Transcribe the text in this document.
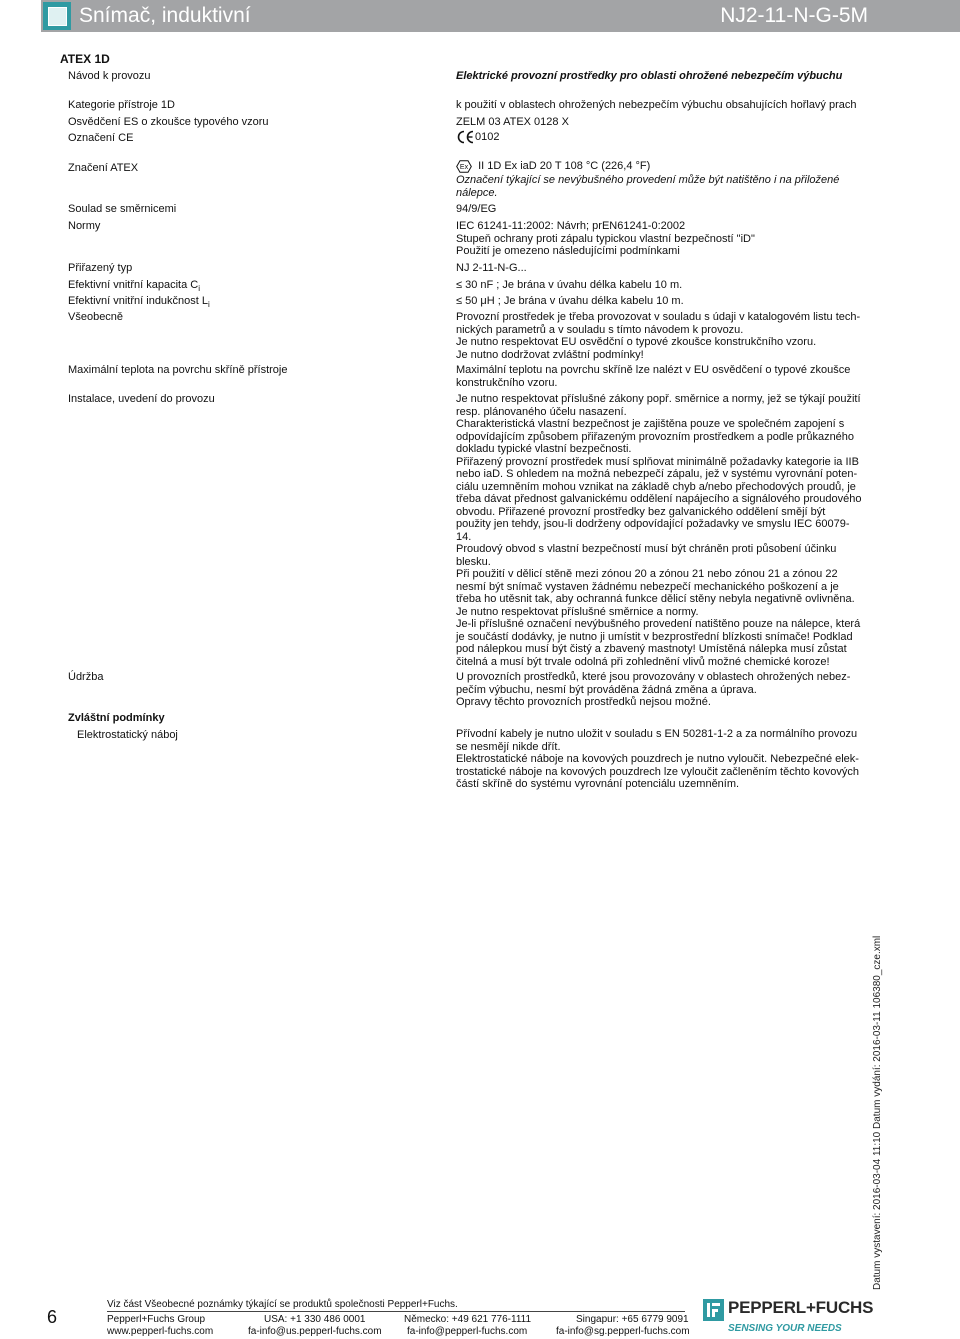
Snímač, induktivní	NJ2-11-N-G-5M
ATEX 1D
Návod k provozu	Elektrické provozní prostředky pro oblasti ohrožené nebezpečím výbuchu
Kategorie přístroje 1D	k použití v oblastech ohrožených nebezpečím výbuchu obsahujících hořlavý prach
Osvědčení ES o zkoušce typového vzoru	ZELM 03 ATEX 0128 X
Označení CE	0102
Značení ATEX	Ex II 1D Ex iaD 20 T 108 °C (226,4 °F)
Označení týkající se nevýbušného provedení může být natištěno i na přiložené
nálepce.
Soulad se směrnicemi	94/9/EG
Normy	IEC 61241-11:2002: Návrh; prEN61241-0:2002
Stupeň ochrany proti zápalu typickou vlastní bezpečností "iD"
Použití je omezeno následujícími podmínkami
Přiřazený typ	NJ 2-11-N-G...
Efektivní vnitřní kapacita $C_i$	≤ 30 nF ; Je brána v úvahu délka kabelu 10 m.
Efektivní vnitřní indukčnost $L_i$	≤ 50 μH ; Je brána v úvahu délka kabelu 10 m.
Všeobecně	Provozní prostředek je třeba provozovat v souladu s údaji v katalogovém listu tech-
nických parametrů a v souladu s tímto návodem k provozu.
Je nutno respektovat EU osvědční o typové zkoušce konstrukčního vzoru.
Je nutno dodržovat zvláštní podmínky!
Maximální teplota na povrchu skříně přístroje	Maximální teplotu na povrchu skříně lze nalézt v EU osvědčení o typové zkoušce
konstrukčního vzoru.
Instalace, uvedení do provozu	Je nutno respektovat příslušné zákony popř. směrnice a normy, jež se týkají použití
resp. plánovaného účelu nasazení.
Charakteristická vlastní bezpečnost je zajištěna pouze ve společném zapojení s
odpovídajícím způsobem přiřazeným provozním prostředkem a podle průkazného
dokladu typické vlastní bezpečnosti.
Přiřazený provozní prostředek musí splňovat minimálně požadavky kategorie ia IIB
nebo iaD. S ohledem na možná nebezpečí zápalu, jež v systému vyrovnání poten-
ciálu uzemněním mohou vznikat na základě chyb a/nebo přechodových proudů, je
třeba dávat přednost galvanickému oddělení napájecího a signálového proudového
obvodu. Přiřazené provozní prostředky bez galvanického oddělení smějí být
použity jen tehdy, jsou-li dodrženy odpovídající požadavky ve smyslu IEC 60079-
14.
Proudový obvod s vlastní bezpečností musí být chráněn proti působení účinku
blesku.
Při použití v dělicí stěně mezi zónou 20 a zónou 21 nebo zónou 21 a zónou 22
nesmí být snímač vystaven žádnému nebezpečí mechanického poškození a je
třeba ho utěsnit tak, aby ochranná funkce dělicí stěny nebyla negativně ovlivněna.
Je nutno respektovat příslušné směrnice a normy.
Je-li příslušné označení nevýbušného provedení natištěno pouze na nálepce, která
je součástí dodávky, je nutno ji umístit v bezprostřední blízkosti snímače! Podklad
pod nálepkou musí být čistý a zbavený mastnoty! Umístěná nálepka musí zůstat
čitelná a musí být trvale odolná při zohlednění vlivů možné chemické koroze!
Údržba	U provozních prostředků, které jsou provozovány v oblastech ohrožených nebez-
pečím výbuchu, nesmí být prováděna žádná změna a úprava.
Opravy těchto provozních prostředků nejsou možné.
Zvláštní podmínky
Elektrostatický náboj	Přívodní kabely je nutno uložit v souladu s EN 50281-1-2 a za normálního provozu
se nesmějí nikde dřít.
Elektrostatické náboje na kovových pouzdrech je nutno vyloučit. Nebezpečné elek-
trostatické náboje na kovových pouzdrech lze vyloučit začleněním těchto kovových
částí skříně do systému vyrovnání potenciálu uzemněním.
Datum vystavení: 2016-03-04 11:10 Datum vydání: 2016-03-11 106380_cze.xml
6
Viz část Všeobecné poznámky týkající se produktů společnosti Pepperl+Fuchs.
Pepperl+Fuchs Group
www.pepperl-fuchs.com
USA: +1 330 486 0001
fa-info@us.pepperl-fuchs.com
Německo: +49 621 776-1111
fa-info@pepperl-fuchs.com
Singapur: +65 6779 9091
fa-info@sg.pepperl-fuchs.com
PEPPERL+FUCHS
SENSING YOUR NEEDS
